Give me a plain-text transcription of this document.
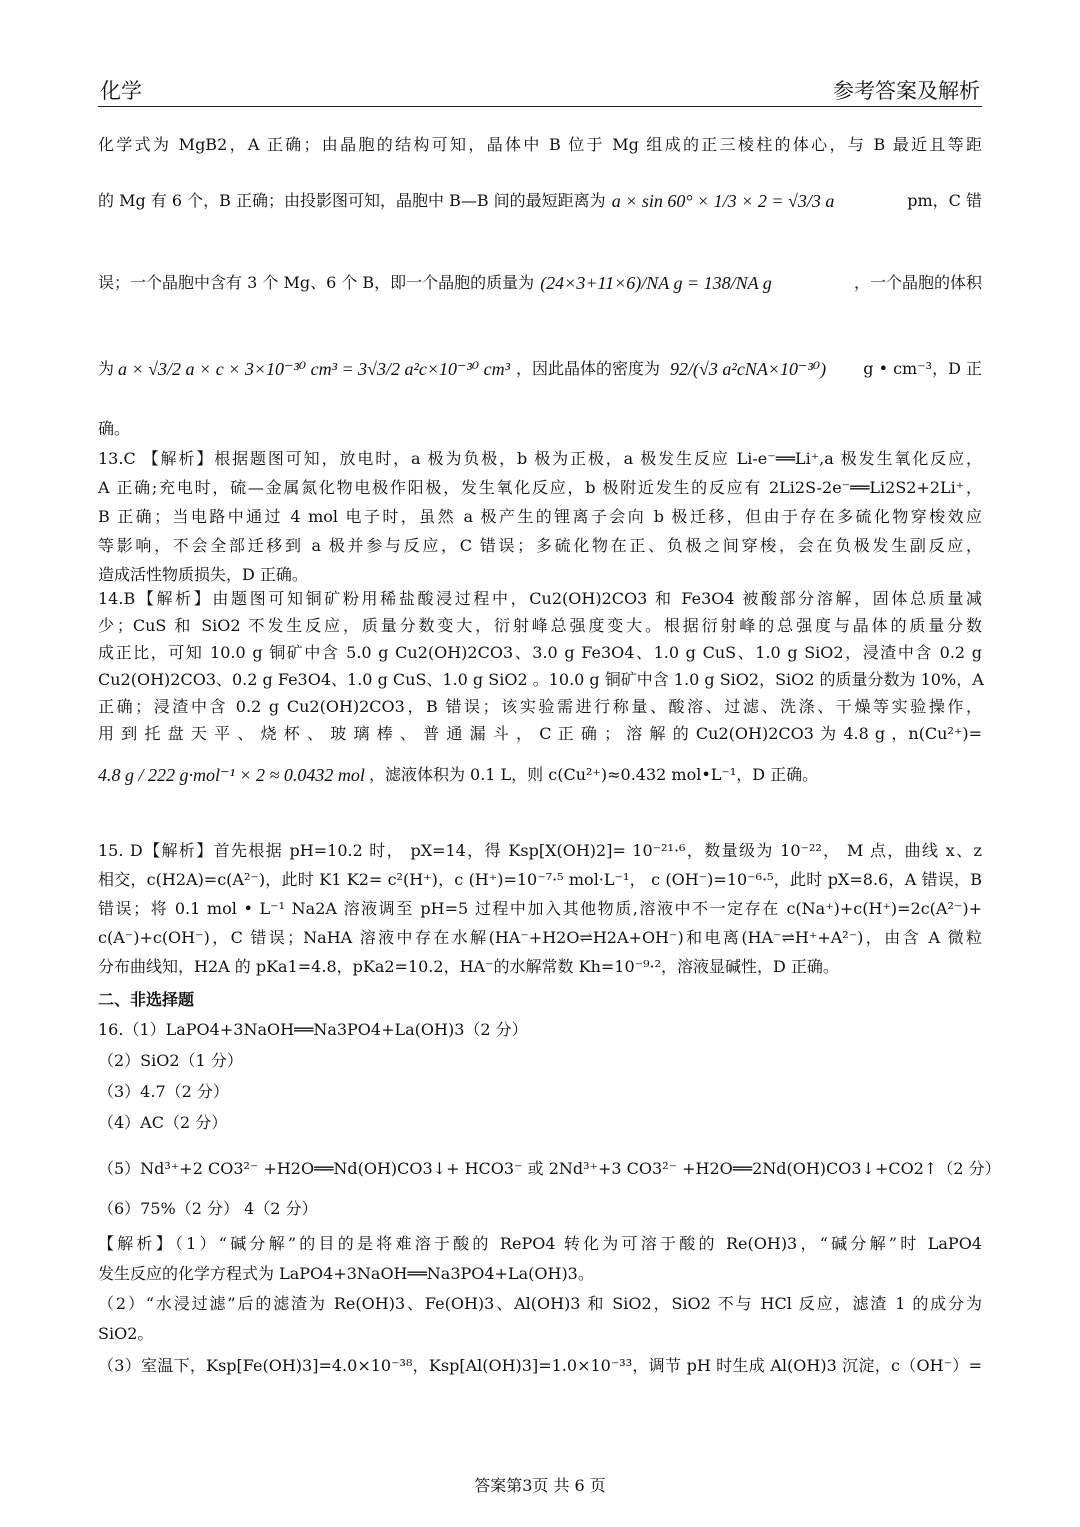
化学	参考答案及解析
化学式为 MgB2，A 正确；由晶胞的结构可知，晶体中 B 位于 Mg 组成的正三棱柱的体心，与 B 最近且等距
的 Mg 有 6 个，B 正确；由投影图可知，晶胞中 B—B 间的最短距离为 a × sin 60° × 1/3 × 2 = √3/3 a	pm，C 错
误；一个晶胞中含有 3 个 Mg、6 个 B，即一个晶胞的质量为 (24×3+11×6)/NA g = 138/NA g	，一个晶胞的体积
为 a × √3/2 a × c × 3×10⁻³⁰ cm³ = 3√3/2 a²c×10⁻³⁰ cm³ ，因此晶体的密度为 92/(√3 a²cNA×10⁻³⁰) g • cm⁻³，D 正
确。
13.C 【解析】根据题图可知，放电时，a 极为负极，b 极为正极，a 极发生反应 Li-e⁻══Li⁺,a 极发生氧化反应，
A 正确;充电时，硫—金属氮化物电极作阳极，发生氧化反应，b 极附近发生的反应有 2Li2S-2e⁻══Li2S2+2Li⁺，
B 正确；当电路中通过 4 mol 电子时，虽然 a 极产生的锂离子会向 b 极迁移，但由于存在多硫化物穿梭效应
等影响，不会全部迁移到 a 极并参与反应，C 错误；多硫化物在正、负极之间穿梭，会在负极发生副反应，
造成活性物质损失，D 正确。
14.B【解析】由题图可知铜矿粉用稀盐酸浸过程中，Cu2(OH)2CO3 和 Fe3O4 被酸部分溶解，固体总质量减
少；CuS 和 SiO2 不发生反应，质量分数变大，衍射峰总强度变大。根据衍射峰的总强度与晶体的质量分数
成正比，可知 10.0 g 铜矿中含 5.0 g Cu2(OH)2CO3、3.0 g Fe3O4、1.0 g CuS、1.0 g SiO2，浸渣中含 0.2 g
Cu2(OH)2CO3、0.2 g Fe3O4、1.0 g CuS、1.0 g SiO2 。10.0 g 铜矿中含 1.0 g SiO2，SiO2 的质量分数为 10%，A
正确；浸渣中含 0.2 g Cu2(OH)2CO3，B 错误；该实验需进行称量、酸溶、过滤、洗涤、干燥等实验操作，
用 到 托 盘 天 平 、 烧 杯 、 玻 璃 棒 、 普 通 漏 斗 ， C 正 确 ； 溶 解 的 Cu2(OH)2CO3 为 4.8 g ，n(Cu²⁺)=
4.8 g / 222 g·mol⁻¹ × 2 ≈ 0.0432 mol ，滤液体积为 0.1 L，则 c(Cu²⁺)≈0.432 mol•L⁻¹，D 正确。
15. D【解析】首先根据 pH=10.2 时， pX=14，得 Ksp[X(OH)2]= 10⁻²¹·⁶，数量级为 10⁻²²， M 点，曲线 x、z
相交，c(H2A)=c(A²⁻)，此时 K1 K2= c²(H⁺)，c (H⁺)=10⁻⁷·⁵ mol·L⁻¹， c (OH⁻)=10⁻⁶·⁵，此时 pX=8.6，A 错误，B
错误；将 0.1 mol • L⁻¹ Na2A 溶液调至 pH=5 过程中加入其他物质,溶液中不一定存在 c(Na⁺)+c(H⁺)=2c(A²⁻)+
c(A⁻)+c(OH⁻)，C 错误；NaHA 溶液中存在水解(HA⁻+H2O⇌H2A+OH⁻)和电离(HA⁻⇌H⁺+A²⁻)，由含 A 微粒
分布曲线知，H2A 的 pKa1=4.8，pKa2=10.2，HA⁻的水解常数 Kh=10⁻⁹·²，溶液显碱性，D 正确。
二、非选择题
16.（1）LaPO4+3NaOH══Na3PO4+La(OH)3（2 分）
（2）SiO2（1 分）
（3）4.7（2 分）
（4）AC（2 分）
（5）Nd³⁺+2 CO3²⁻ +H2O══Nd(OH)CO3↓+ HCO3⁻ 或 2Nd³⁺+3 CO3²⁻ +H2O══2Nd(OH)CO3↓+CO2↑（2 分）
（6）75%（2 分） 4（2 分）
【解析】（1）“碱分解”的目的是将难溶于酸的 RePO4 转化为可溶于酸的 Re(OH)3，“碱分解”时 LaPO4
发生反应的化学方程式为 LaPO4+3NaOH══Na3PO4+La(OH)3。
（2）“水浸过滤”后的滤渣为 Re(OH)3、Fe(OH)3、Al(OH)3 和 SiO2，SiO2 不与 HCl 反应，滤渣 1 的成分为
SiO2。
（3）室温下，Ksp[Fe(OH)3]=4.0×10⁻³⁸，Ksp[Al(OH)3]=1.0×10⁻³³，调节 pH 时生成 Al(OH)3 沉淀，c（OH⁻）=
答案第3页 共 6 页
